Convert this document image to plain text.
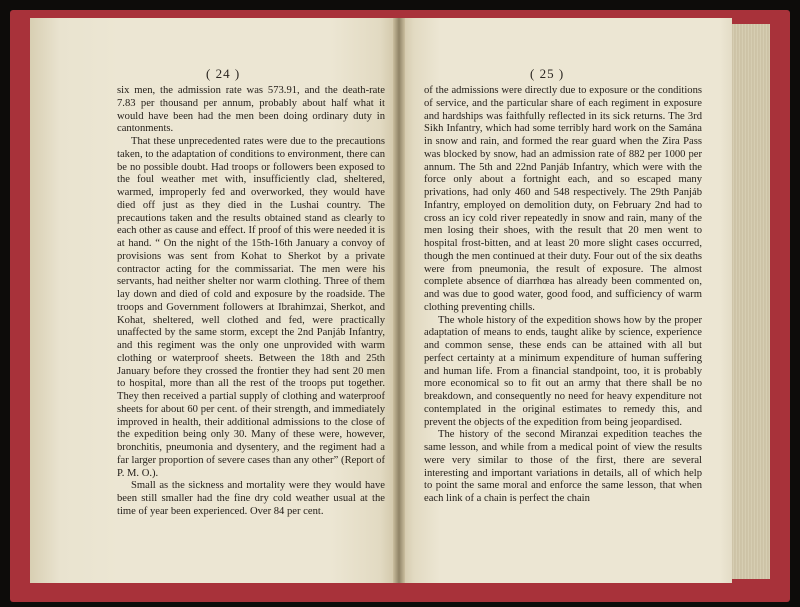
( 24 )	( 25 )

six men, the admission rate was 573.91, and the death-rate 7.83 per thousand per annum, probably about half what it would have been had the men been doing ordinary duty in cantonments.

That these unprecedented rates were due to the precautions taken, to the adaptation of conditions to environment, there can be no possible doubt. Had troops or followers been exposed to the foul weather met with, insufficiently clad, sheltered, warmed, improperly fed and overworked, they would have died off just as they died in the Lushai country. The precautions taken and the results obtained stand as clearly to each other as cause and effect. If proof of this were needed it is at hand. “ On the night of the 15th-16th January a convoy of provisions was sent from Kohat to Sherkot by a private contractor acting for the commissariat. The men were his servants, had neither shelter nor warm clothing. Three of them lay down and died of cold and exposure by the roadside. The troops and Government followers at Ibrahimzai, Sherkot, and Kohat, sheltered, well clothed and fed, were practically unaffected by the same storm, except the 2nd Panjáb Infantry, and this regiment was the only one unprovided with warm clothing or waterproof sheets. Between the 18th and 25th January before they crossed the frontier they had sent 20 men to hospital, more than all the rest of the troops put together. They then received a partial supply of clothing and waterproof sheets for about 60 per cent. of their strength, and immediately improved in health, their additional admissions to the close of the expedition being only 30. Many of these were, however, bronchitis, pneumonia and dysentery, and the regiment had a far larger proportion of severe cases than any other” (Report of P. M. O.).

Small as the sickness and mortality were they would have been still smaller had the fine dry cold weather usual at the time of year been experienced. Over 84 per cent.

of the admissions were directly due to exposure or the conditions of service, and the particular share of each regiment in exposure and hardships was faithfully reflected in its sick returns. The 3rd Sikh Infantry, which had some terribly hard work on the Samána in snow and rain, and formed the rear guard when the Zira Pass was blocked by snow, had an admission rate of 882 per 1000 per annum. The 5th and 22nd Panjáb Infantry, which were with the force only about a fortnight each, and so escaped many privations, had only 460 and 548 respectively. The 29th Panjáb Infantry, employed on demolition duty, on February 2nd had to cross an icy cold river repeatedly in snow and rain, many of the men losing their shoes, with the result that 20 men went to hospital frost-bitten, and at least 20 more slight cases occurred, though the men continued at their duty. Four out of the six deaths were from pneumonia, the result of exposure. The almost complete absence of diarrhœa has already been commented on, and was due to good water, good food, and sufficiency of warm clothing preventing chills.

The whole history of the expedition shows how by the proper adaptation of means to ends, taught alike by science, experience and common sense, these ends can be attained with all but perfect certainty at a minimum expenditure of human suffering and human life. From a financial standpoint, too, it is probably more economical so to fit out an army that there shall be no breakdown, and consequently no need for heavy expenditure not contemplated in the original estimates to remedy this, and prevent the objects of the expedition from being jeopardised.

The history of the second Miranzai expedition teaches the same lesson, and while from a medical point of view the results were very similar to those of the first, there are several interesting and important variations in details, all of which help to point the same moral and enforce the same lesson, that when each link of a chain is perfect the chain
